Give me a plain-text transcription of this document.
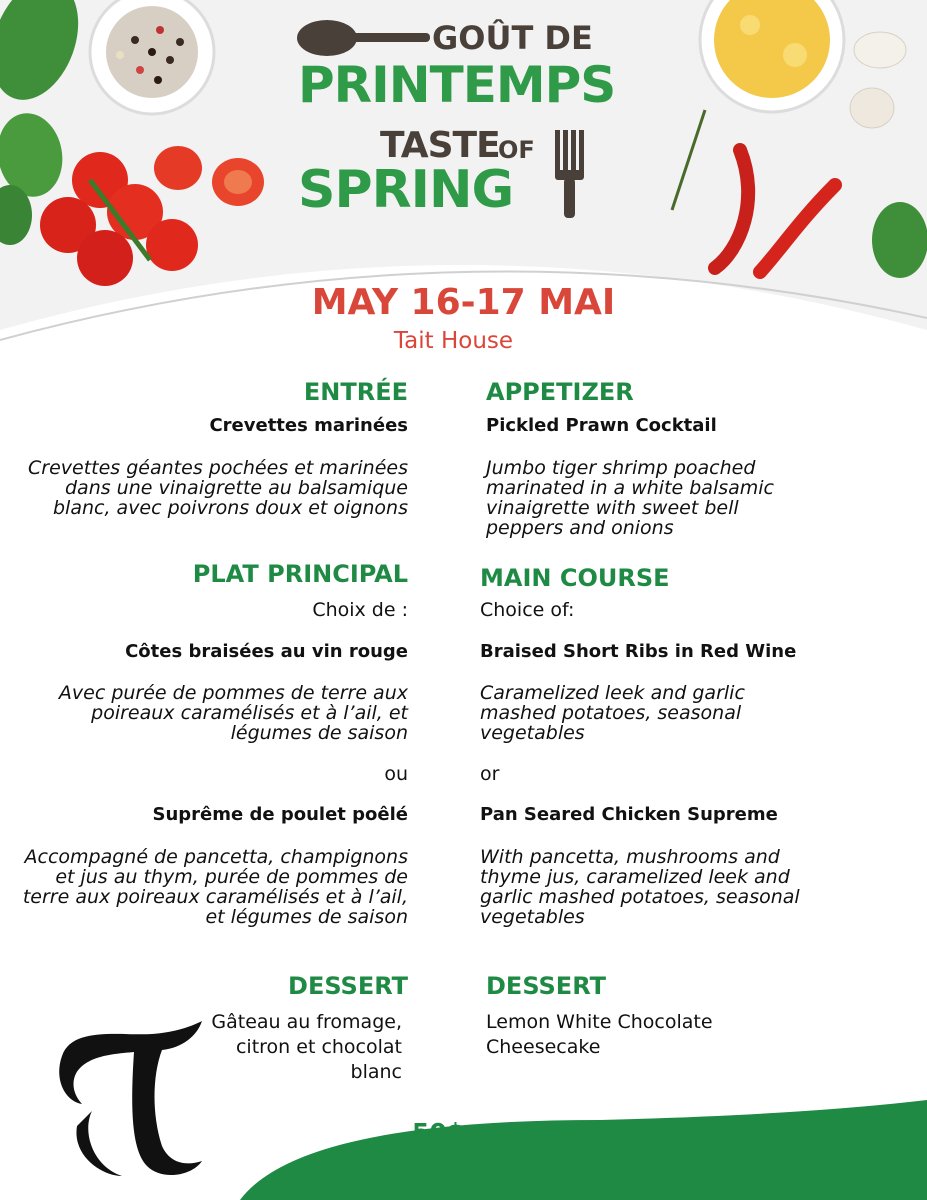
GOÛT DE
PRINTEMPS
TASTE
OF
SPRING
MAY 16-17 MAI
Tait House
ENTRÉE
Crevettes marinées
Crevettes géantes pochées et marinées dans une vinaigrette au balsamique blanc, avec poivrons doux et oignons
PLAT PRINCIPAL
Choix de :
Côtes braisées au vin rouge
Avec purée de pommes de terre aux poireaux caramélisés et à l’ail, et légumes de saison
ou
Suprême de poulet poêlé
Accompagné de pancetta, champignons et jus au thym, purée de pommes de terre aux poireaux caramélisés et à l’ail, et légumes de saison
DESSERT
Gâteau au fromage, citron et chocolat blanc
APPETIZER
Pickled Prawn Cocktail
Jumbo tiger shrimp poached marinated in a white balsamic vinaigrette with sweet bell peppers and onions
MAIN COURSE
Choice of:
Braised Short Ribs in Red Wine
Caramelized leek and garlic mashed potatoes, seasonal vegetables
or
Pan Seared Chicken Supreme
With pancetta, mushrooms and thyme jus, caramelized leek and garlic mashed potatoes, seasonal vegetables
DESSERT
Lemon White Chocolate Cheesecake
50$
